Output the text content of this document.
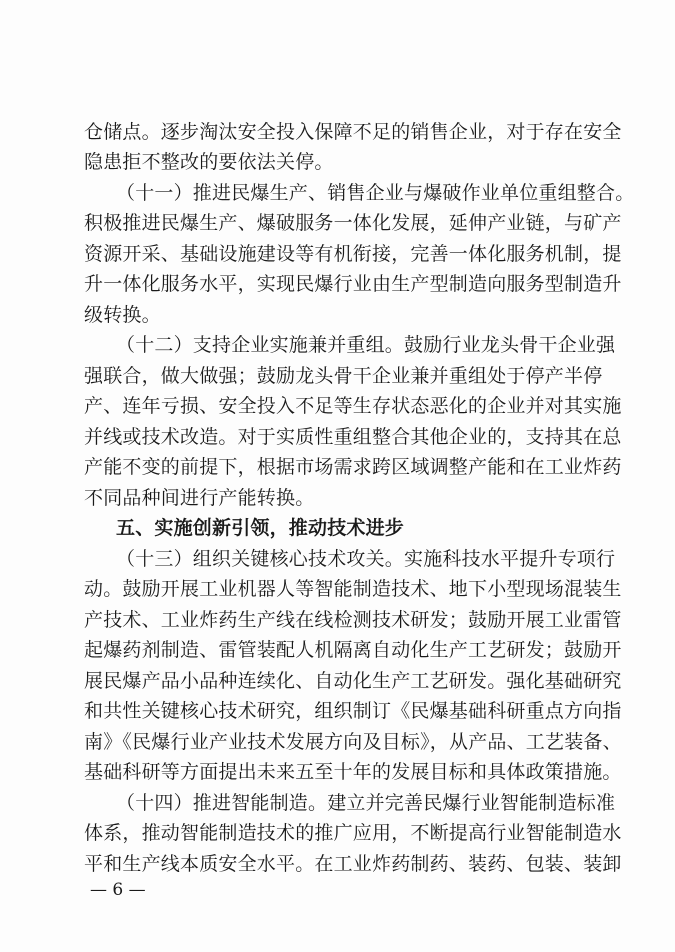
仓储点。逐步淘汰安全投入保障不足的销售企业，对于存在安全
隐患拒不整改的要依法关停。
（十一）推进民爆生产、销售企业与爆破作业单位重组整合。
积极推进民爆生产、爆破服务一体化发展，延伸产业链，与矿产
资源开采、基础设施建设等有机衔接，完善一体化服务机制，提
升一体化服务水平，实现民爆行业由生产型制造向服务型制造升
级转换。
（十二）支持企业实施兼并重组。鼓励行业龙头骨干企业强
强联合，做大做强；鼓励龙头骨干企业兼并重组处于停产半停
产、连年亏损、安全投入不足等生存状态恶化的企业并对其实施
并线或技术改造。对于实质性重组整合其他企业的，支持其在总
产能不变的前提下，根据市场需求跨区域调整产能和在工业炸药
不同品种间进行产能转换。
五、实施创新引领，推动技术进步
（十三）组织关键核心技术攻关。实施科技水平提升专项行
动。鼓励开展工业机器人等智能制造技术、地下小型现场混装生
产技术、工业炸药生产线在线检测技术研发；鼓励开展工业雷管
起爆药剂制造、雷管装配人机隔离自动化生产工艺研发；鼓励开
展民爆产品小品种连续化、自动化生产工艺研发。强化基础研究
和共性关键核心技术研究，组织制订《民爆基础科研重点方向指
南》《民爆行业产业技术发展方向及目标》，从产品、工艺装备、
基础科研等方面提出未来五至十年的发展目标和具体政策措施。
（十四）推进智能制造。建立并完善民爆行业智能制造标准
体系，推动智能制造技术的推广应用，不断提高行业智能制造水
平和生产线本质安全水平。在工业炸药制药、装药、包装、装卸
— 6 —
